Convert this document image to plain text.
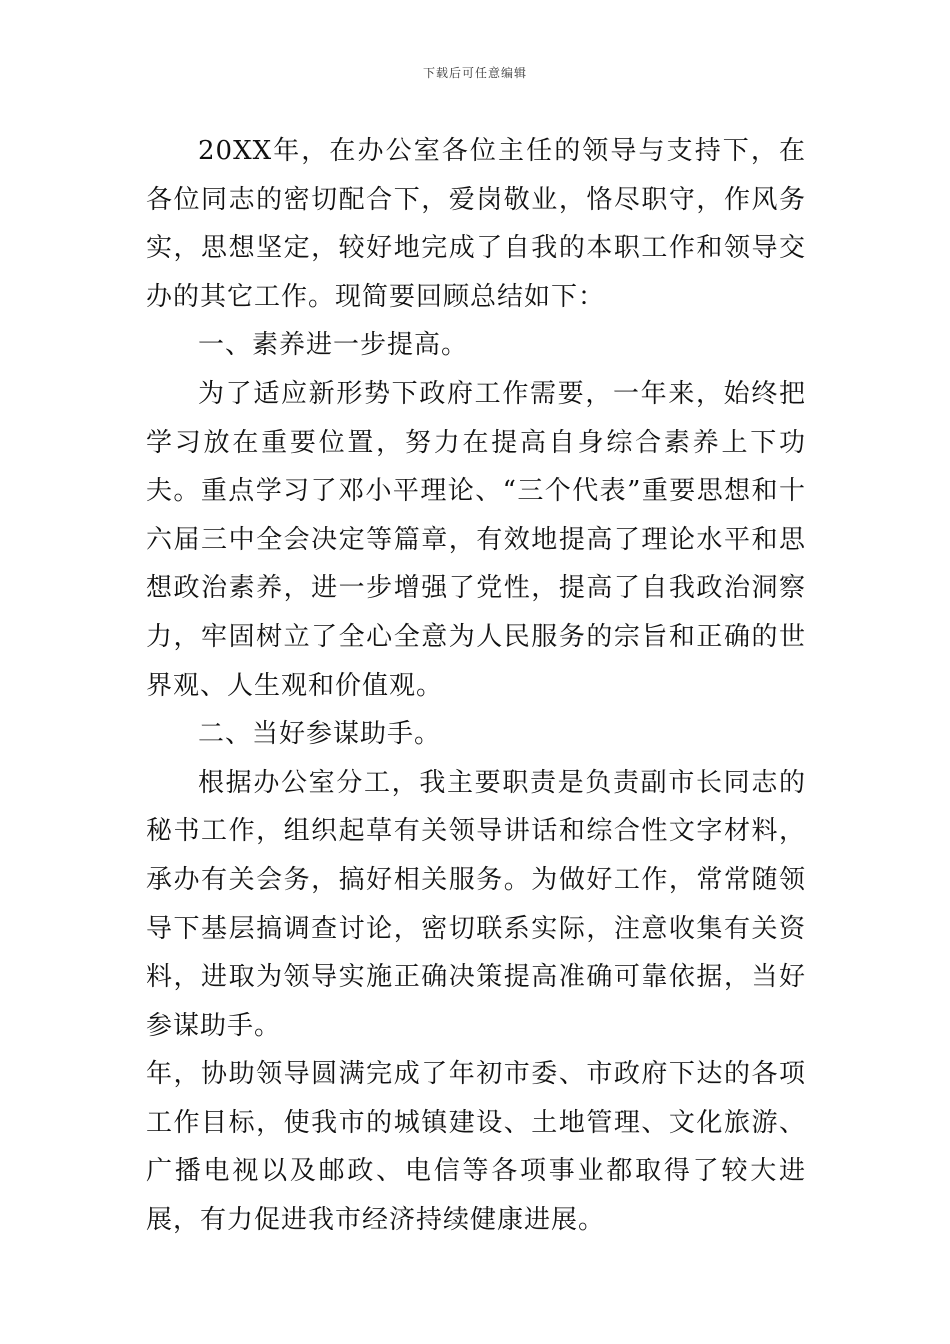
下载后可任意编辑

20XX年，在办公室各位主任的领导与支持下，在各位同志的密切配合下，爱岗敬业，恪尽职守，作风务实，思想坚定，较好地完成了自我的本职工作和领导交办的其它工作。现简要回顾总结如下：

一、素养进一步提高。

为了适应新形势下政府工作需要，一年来，始终把学习放在重要位置，努力在提高自身综合素养上下功夫。重点学习了邓小平理论、“三个代表”重要思想和十六届三中全会决定等篇章，有效地提高了理论水平和思想政治素养，进一步增强了党性，提高了自我政治洞察力，牢固树立了全心全意为人民服务的宗旨和正确的世界观、人生观和价值观。

二、当好参谋助手。

根据办公室分工，我主要职责是负责副市长同志的秘书工作，组织起草有关领导讲话和综合性文字材料，承办有关会务，搞好相关服务。为做好工作，常常随领导下基层搞调查讨论，密切联系实际，注意收集有关资料，进取为领导实施正确决策提高准确可靠依据，当好参谋助手。

年，协助领导圆满完成了年初市委、市政府下达的各项工作目标，使我市的城镇建设、土地管理、文化旅游、广播电视以及邮政、电信等各项事业都取得了较大进展，有力促进我市经济持续健康进展。
